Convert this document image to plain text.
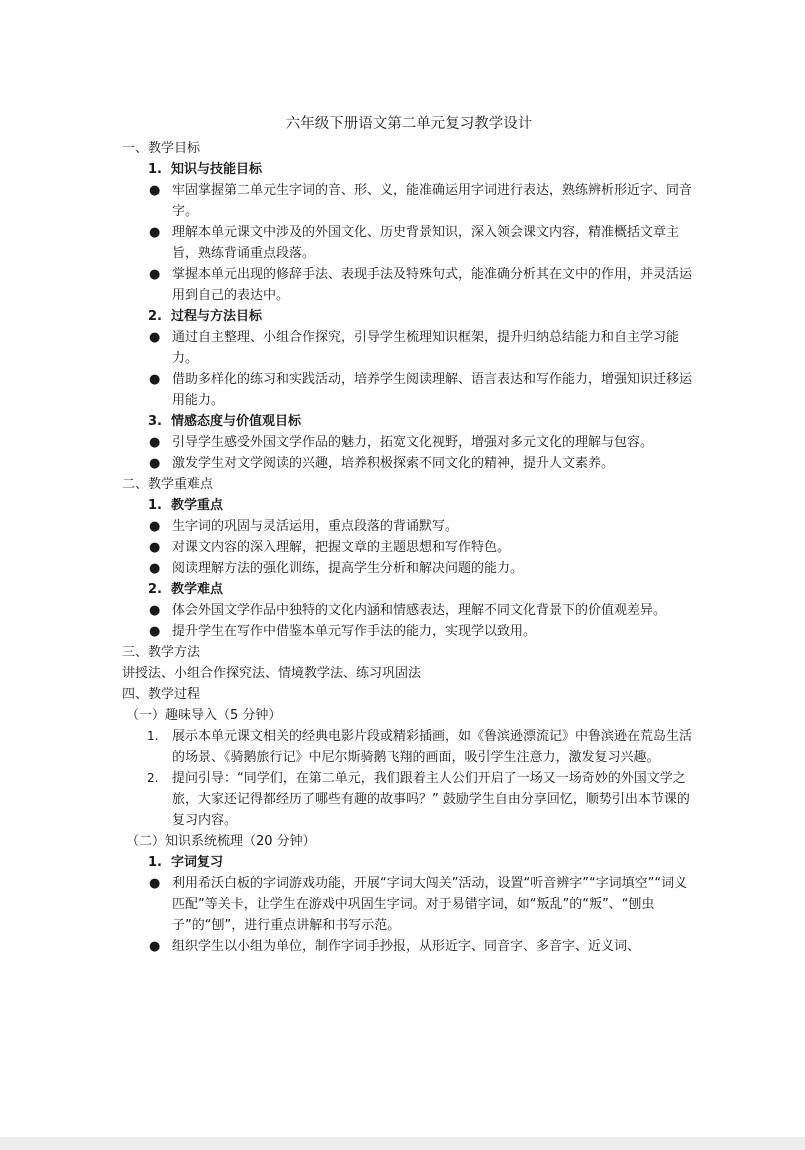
六年级下册语文第二单元复习教学设计
一、教学目标
1. 知识与技能目标
● 牢固掌握第二单元生字词的音、形、义，能准确运用字词进行表达，熟练辨析形近字、同音字。
● 理解本单元课文中涉及的外国文化、历史背景知识，深入领会课文内容，精准概括文章主旨，熟练背诵重点段落。
● 掌握本单元出现的修辞手法、表现手法及特殊句式，能准确分析其在文中的作用，并灵活运用到自己的表达中。
2. 过程与方法目标
● 通过自主整理、小组合作探究，引导学生梳理知识框架，提升归纳总结能力和自主学习能力。
● 借助多样化的练习和实践活动，培养学生阅读理解、语言表达和写作能力，增强知识迁移运用能力。
3. 情感态度与价值观目标
● 引导学生感受外国文学作品的魅力，拓宽文化视野，增强对多元文化的理解与包容。
● 激发学生对文学阅读的兴趣，培养积极探索不同文化的精神，提升人文素养。
二、教学重难点
1. 教学重点
● 生字词的巩固与灵活运用，重点段落的背诵默写。
● 对课文内容的深入理解，把握文章的主题思想和写作特色。
● 阅读理解方法的强化训练，提高学生分析和解决问题的能力。
2. 教学难点
● 体会外国文学作品中独特的文化内涵和情感表达，理解不同文化背景下的价值观差异。
● 提升学生在写作中借鉴本单元写作手法的能力，实现学以致用。
三、教学方法
讲授法、小组合作探究法、情境教学法、练习巩固法
四、教学过程
（一）趣味导入（5 分钟）
1. 展示本单元课文相关的经典电影片段或精彩插画，如《鲁滨逊漂流记》中鲁滨逊在荒岛生活的场景、《骑鹅旅行记》中尼尔斯骑鹅飞翔的画面，吸引学生注意力，激发复习兴趣。
2. 提问引导：“同学们，在第二单元，我们跟着主人公们开启了一场又一场奇妙的外国文学之旅，大家还记得都经历了哪些有趣的故事吗？” 鼓励学生自由分享回忆，顺势引出本节课的复习内容。
（二）知识系统梳理（20 分钟）
1. 字词复习
● 利用希沃白板的字词游戏功能，开展“字词大闯关”活动，设置“听音辨字”“字词填空”“词义匹配”等关卡，让学生在游戏中巩固生字词。对于易错字词，如“叛乱”的“叛”、“刨虫子”的“刨”，进行重点讲解和书写示范。
● 组织学生以小组为单位，制作字词手抄报，从形近字、同音字、多音字、近义词、
